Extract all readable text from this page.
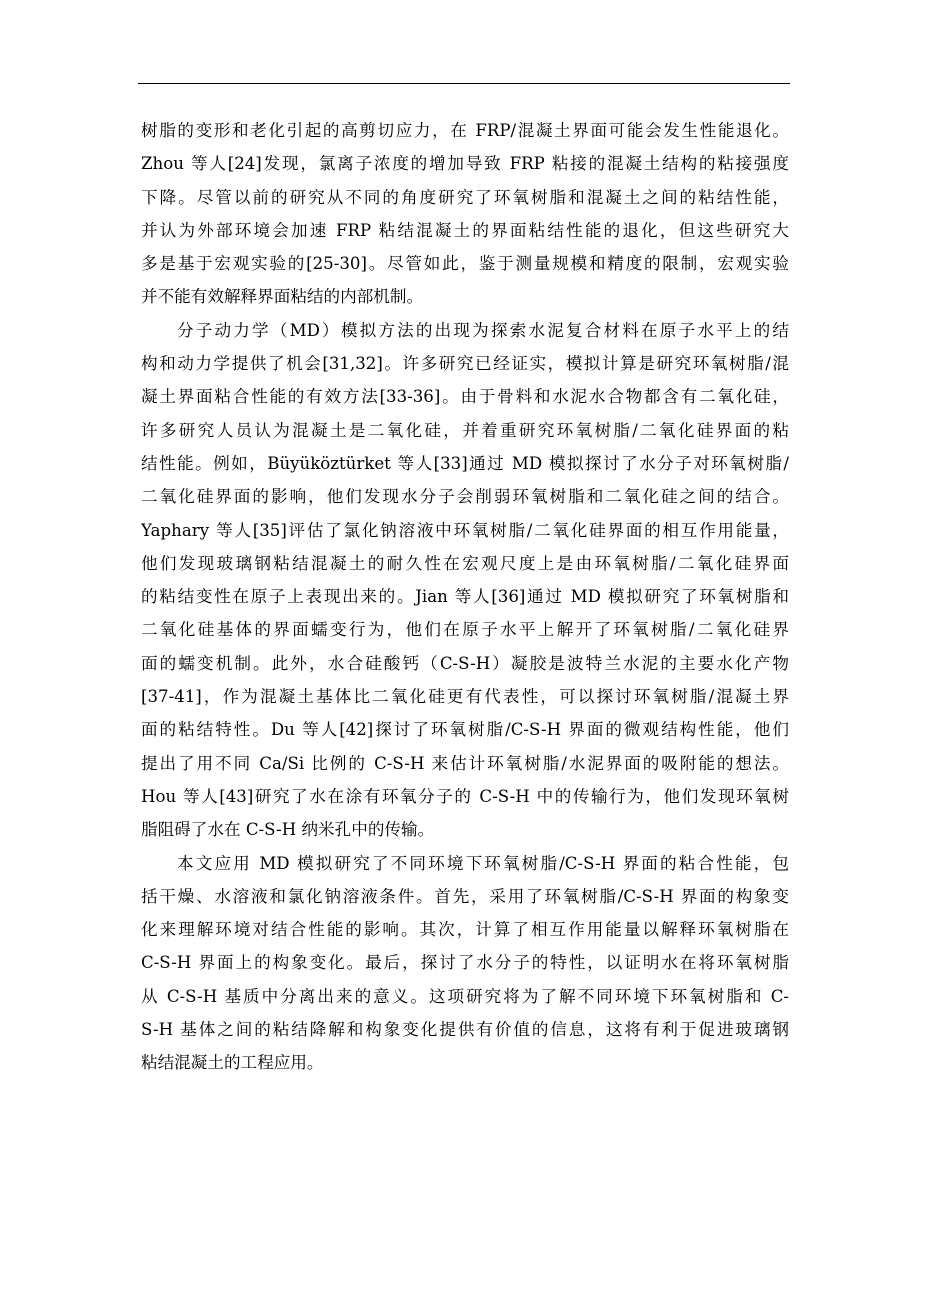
树脂的变形和老化引起的高剪切应力，在 FRP/混凝土界面可能会发生性能退化。
Zhou 等人[24]发现，氯离子浓度的增加导致 FRP 粘接的混凝土结构的粘接强度
下降。尽管以前的研究从不同的角度研究了环氧树脂和混凝土之间的粘结性能，
并认为外部环境会加速 FRP 粘结混凝土的界面粘结性能的退化，但这些研究大
多是基于宏观实验的[25-30]。尽管如此，鉴于测量规模和精度的限制，宏观实验
并不能有效解释界面粘结的内部机制。
分子动力学（MD）模拟方法的出现为探索水泥复合材料在原子水平上的结
构和动力学提供了机会[31,32]。许多研究已经证实，模拟计算是研究环氧树脂/混
凝土界面粘合性能的有效方法[33-36]。由于骨料和水泥水合物都含有二氧化硅，
许多研究人员认为混凝土是二氧化硅，并着重研究环氧树脂/二氧化硅界面的粘
结性能。例如，Büyüköztürket 等人[33]通过 MD 模拟探讨了水分子对环氧树脂/
二氧化硅界面的影响，他们发现水分子会削弱环氧树脂和二氧化硅之间的结合。
Yaphary 等人[35]评估了氯化钠溶液中环氧树脂/二氧化硅界面的相互作用能量，
他们发现玻璃钢粘结混凝土的耐久性在宏观尺度上是由环氧树脂/二氧化硅界面
的粘结变性在原子上表现出来的。Jian 等人[36]通过 MD 模拟研究了环氧树脂和
二氧化硅基体的界面蠕变行为，他们在原子水平上解开了环氧树脂/二氧化硅界
面的蠕变机制。此外，水合硅酸钙（C-S-H）凝胶是波特兰水泥的主要水化产物
[37-41]，作为混凝土基体比二氧化硅更有代表性，可以探讨环氧树脂/混凝土界
面的粘结特性。Du 等人[42]探讨了环氧树脂/C-S-H 界面的微观结构性能，他们
提出了用不同 Ca/Si 比例的 C-S-H 来估计环氧树脂/水泥界面的吸附能的想法。
Hou 等人[43]研究了水在涂有环氧分子的 C-S-H 中的传输行为，他们发现环氧树
脂阻碍了水在 C-S-H 纳米孔中的传输。
本文应用 MD 模拟研究了不同环境下环氧树脂/C-S-H 界面的粘合性能，包
括干燥、水溶液和氯化钠溶液条件。首先，采用了环氧树脂/C-S-H 界面的构象变
化来理解环境对结合性能的影响。其次，计算了相互作用能量以解释环氧树脂在
C-S-H 界面上的构象变化。最后，探讨了水分子的特性，以证明水在将环氧树脂
从 C-S-H 基质中分离出来的意义。这项研究将为了解不同环境下环氧树脂和 C-
S-H 基体之间的粘结降解和构象变化提供有价值的信息，这将有利于促进玻璃钢
粘结混凝土的工程应用。
